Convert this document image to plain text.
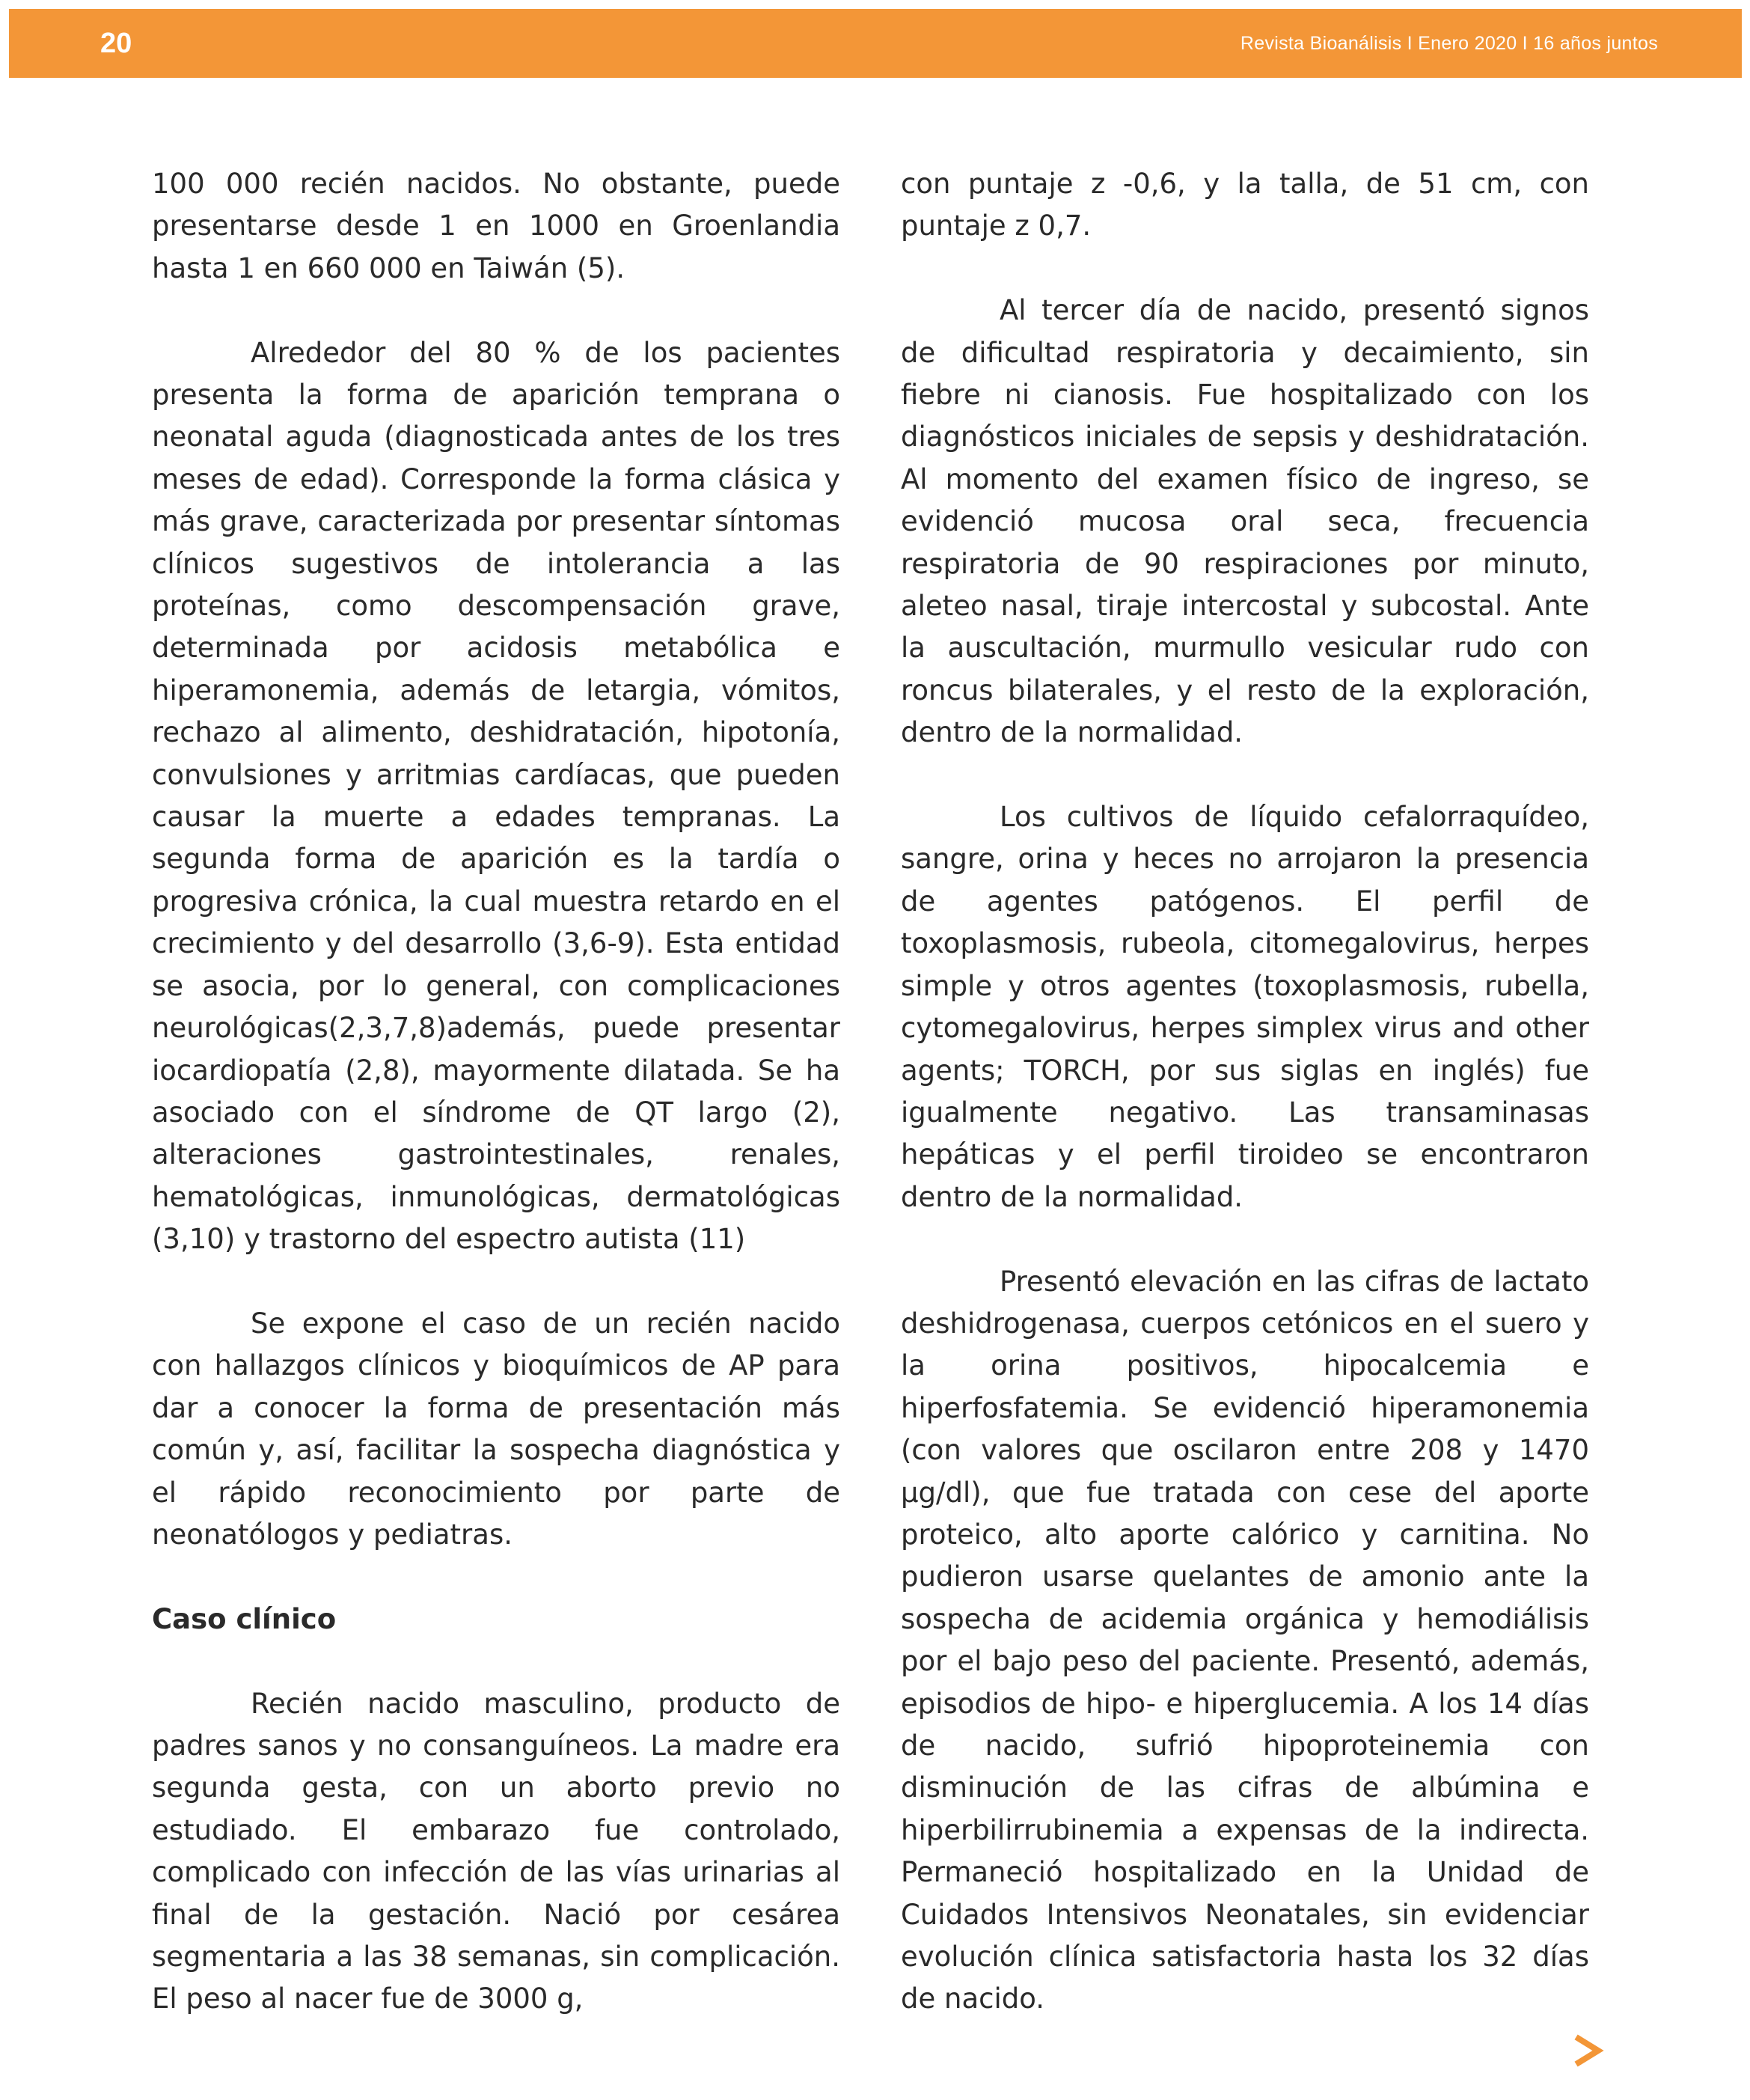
20	Revista Bioanálisis I Enero 2020 I 16 años juntos

100 000 recién nacidos. No obstante, puede presentarse desde 1 en 1000 en Groenlandia hasta 1 en 660 000 en Taiwán (5).

Alrededor del 80 % de los pacientes presenta la forma de aparición temprana o neonatal aguda (diagnosticada antes de los tres meses de edad). Corresponde la forma clásica y más grave, caracterizada por presentar síntomas clínicos sugestivos de intolerancia a las proteínas, como descompensación grave, determinada por acidosis metabólica e hiperamonemia, además de letargia, vómitos, rechazo al alimento, deshidratación, hipotonía, convulsiones y arritmias cardíacas, que pueden causar la muerte a edades tempranas. La segunda forma de aparición es la tardía o progresiva crónica, la cual muestra retardo en el crecimiento y del desarrollo (3,6-9). Esta entidad se asocia, por lo general, con complicaciones neurológicas(2,3,7,8)además, puede presentar iocardiopatía (2,8), mayormente dilatada. Se ha asociado con el síndrome de QT largo (2), alteraciones gastrointestinales, renales, hematológicas, inmunológicas, dermatológicas (3,10) y trastorno del espectro autista (11)

Se expone el caso de un recién nacido con hallazgos clínicos y bioquímicos de AP para dar a conocer la forma de presentación más común y, así, facilitar la sospecha diagnóstica y el rápido reconocimiento por parte de neonatólogos y pediatras.

Caso clínico

Recién nacido masculino, producto de padres sanos y no consanguíneos. La madre era segunda gesta, con un aborto previo no estudiado. El embarazo fue controlado, complicado con infección de las vías urinarias al final de la gestación. Nació por cesárea segmentaria a las 38 semanas, sin complicación. El peso al nacer fue de 3000 g,

con puntaje z -0,6, y la talla, de 51 cm, con puntaje z 0,7.

Al tercer día de nacido, presentó signos de dificultad respiratoria y decaimiento, sin fiebre ni cianosis. Fue hospitalizado con los diagnósticos iniciales de sepsis y deshidratación. Al momento del examen físico de ingreso, se evidenció mucosa oral seca, frecuencia respiratoria de 90 respiraciones por minuto, aleteo nasal, tiraje intercostal y subcostal. Ante la auscultación, murmullo vesicular rudo con roncus bilaterales, y el resto de la exploración, dentro de la normalidad.

Los cultivos de líquido cefalorraquídeo, sangre, orina y heces no arrojaron la presencia de agentes patógenos. El perfil de toxoplasmosis, rubeola, citomegalovirus, herpes simple y otros agentes (toxoplasmosis, rubella, cytomegalovirus, herpes simplex virus and other agents; TORCH, por sus siglas en inglés) fue igualmente negativo. Las transaminasas hepáticas y el perfil tiroideo se encontraron dentro de la normalidad.

Presentó elevación en las cifras de lactato deshidrogenasa, cuerpos cetónicos en el suero y la orina positivos, hipocalcemia e hiperfosfatemia. Se evidenció hiperamonemia (con valores que oscilaron entre 208 y 1470 μg/dl), que fue tratada con cese del aporte proteico, alto aporte calórico y carnitina. No pudieron usarse quelantes de amonio ante la sospecha de acidemia orgánica y hemodiálisis por el bajo peso del paciente. Presentó, además, episodios de hipo- e hiperglucemia. A los 14 días de nacido, sufrió hipoproteinemia con disminución de las cifras de albúmina e hiperbilirrubinemia a expensas de la indirecta. Permaneció hospitalizado en la Unidad de Cuidados Intensivos Neonatales, sin evidenciar evolución clínica satisfactoria hasta los 32 días de nacido.
